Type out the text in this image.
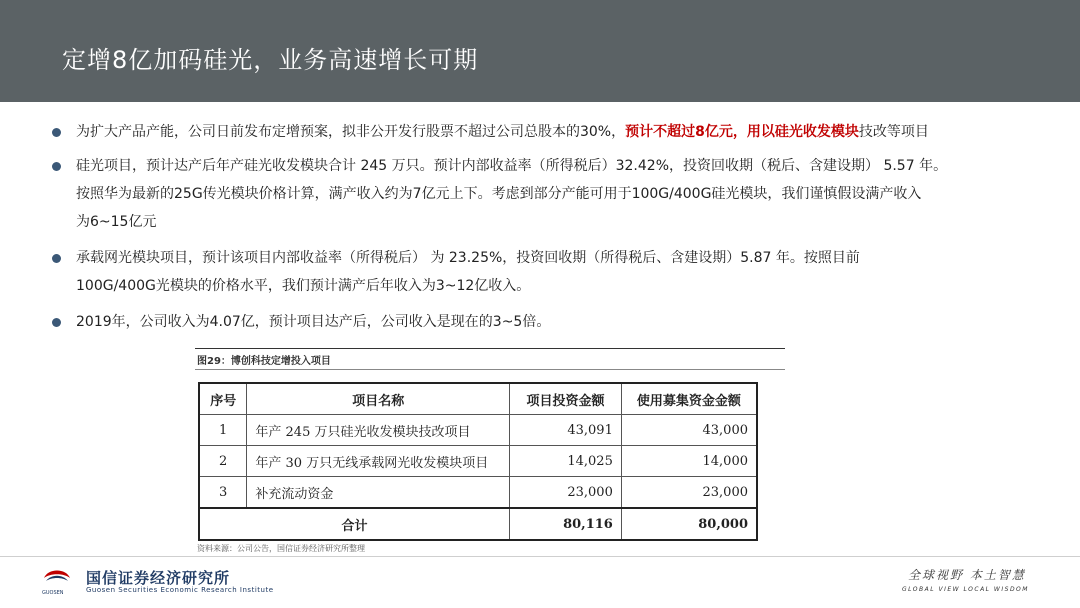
定增8亿加码硅光，业务高速增长可期
为扩大产品产能，公司日前发布定增预案，拟非公开发行股票不超过公司总股本的30%，预计不超过8亿元，用以硅光收发模块技改等项目
硅光项目，预计达产后年产硅光收发模块合计 245 万只。预计内部收益率（所得税后）32.42%，投资回收期（税后、含建设期） 5.57 年。
按照华为最新的25G传光模块价格计算，满产收入约为7亿元上下。考虑到部分产能可用于100G/400G硅光模块，我们谨慎假设满产收入
为6~15亿元
承载网光模块项目，预计该项目内部收益率（所得税后） 为 23.25%，投资回收期（所得税后、含建设期）5.87 年。按照目前
100G/400G光模块的价格水平，我们预计满产后年收入为3~12亿收入。
2019年，公司收入为4.07亿，预计项目达产后，公司收入是现在的3~5倍。
图29：博创科技定增投入项目
序号	项目名称	项目投资金额	使用募集资金金额
1	年产 245 万只硅光收发模块技改项目	43,091	43,000
2	年产 30 万只无线承载网光收发模块项目	14,025	14,000
3	补充流动资金	23,000	23,000
合计		80,116	80,000
资料来源：公司公告，国信证券经济研究所整理
GUOSEN
国信证券经济研究所
Guosen Securities Economic Research Institute
全球视野 本土智慧
GLOBAL VIEW LOCAL WISDOM
